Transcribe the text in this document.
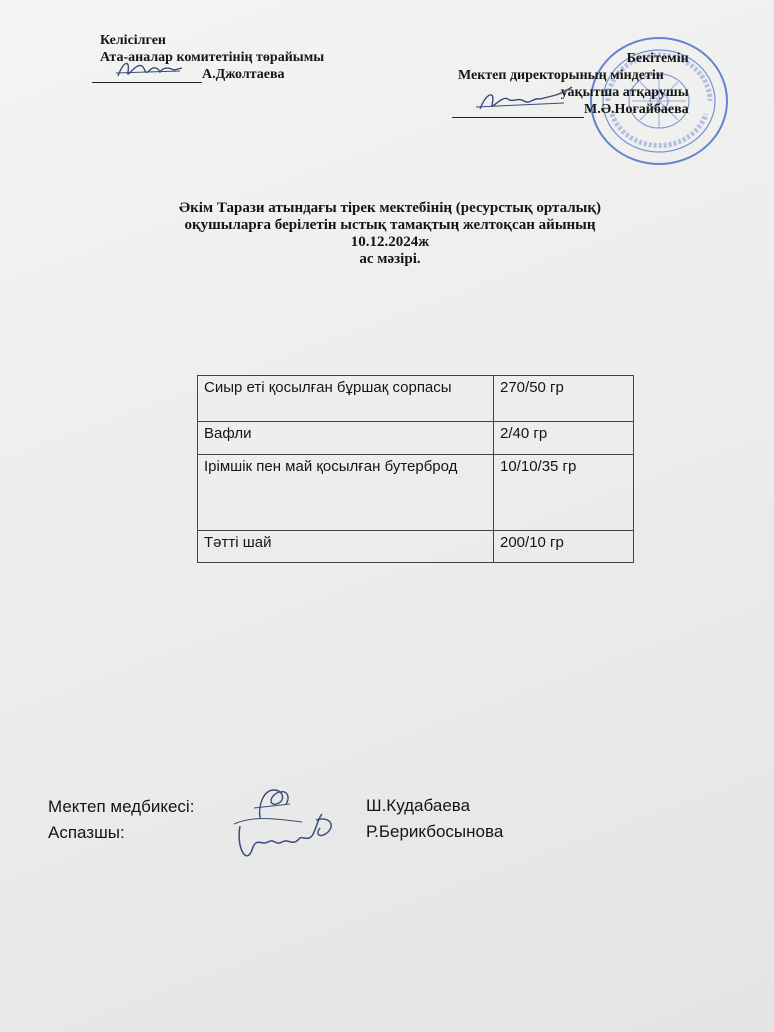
Келісілген
Ата-аналар комитетінің төрайымы
А.Джолтаева
Бекітемін
Мектеп директорының міндетін
уақытша атқарушы
М.Ә.Ноғайбаева
Әкім Тарази атындағы тірек мектебінің (ресурстық орталық)
оқушыларға берілетін ыстық тамақтың желтоқсан айының
10.12.2024ж
ас мәзірі.
Сиыр еті қосылған бұршақ сорпасы	270/50 гр
Вафли	2/40 гр
Ірімшік пен май қосылған бутерброд	10/10/35 гр
Тәтті шай	200/10 гр
Мектеп медбикесі:	Ш.Кудабаева
Аспазшы:	Р.Берикбосынова
